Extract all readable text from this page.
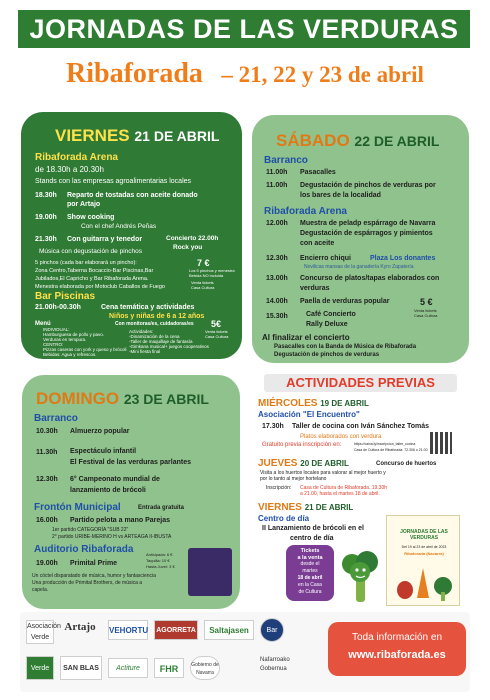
JORNADAS DE LAS VERDURAS
Ribaforada – 21, 22 y 23 de abril
VIERNES 21 DE ABRIL
Ribaforada Arena
de 18.30h a 20.30h
Stands con las empresas agroalimentarias locales
18.30h Reparto de tostadas con aceite donado
por Artajo
19.00h Show cooking
Con el chef Andrés Peñas
21.30h Con guitarra y tenedor	Concierto 22.00h
Rock you
Música con degustación de pinchos
5 pinchos (cada bar elaborará un pincho):
Zona Centro,Taberna Bocaccio-Bar Piscinas,Bar
Jubilados,El Capricho y Bar Ribaforada Arena.
Menestra elaborada por Motoclub Caballos de Fuego
7 €
Los 5 pinchos y menestra
Bebida NO incluida
Venta tickets
Casa Cultura
Bar Piscinas
21.00h-00.30h	Cena temática y actividades
Niños y niñas de 6 a 12 años
Menú
INDIVIDUAL:
Hamburguesa de pollo y pavo.
Verduras en tempura.
CENTRO:
Pizzas caseras con york y queso y brócoli
Bebidas: Agua y refrescos.
Con monitoras/es, cuidadoras/es
Actividades:
-Dinamización de la cena
-Taller de maquillaje de fantasía
-Gimkana musical+ juegos cooperativos
-Mini fiesta final
5€
Venta tickets
Casa Cultura
SÁBADO 22 DE ABRIL
Barranco
11.00h Pasacalles
11.00h Degustación de pinchos de verduras por
los bares de la localidad
Ribaforada Arena
12.00h Muestra de peladp espárrago de Navarra
Degustación de espárragos y pimientos
con aceite
12.30h Encierro chiqui	Plaza Los donantes
Novilicas mansas de la ganadería Kyro Zapatería
13.00h Concurso de platos/tapas elaborados con
verduras
14.00h Paella de verduras popular	5 €
Venta tickets
Casa Cultura
15.30h	Café Concierto
Rally Deluxe
Al finalizar el concierto
Pasacalles con la Banda de Música de Ribaforada
Degustación de pinchos de verduras
DOMINGO 23 DE ABRIL
Barranco
10.30h Almuerzo popular
11.30h Espectáculo infantil
El Festival de las verduras parlantes
12.30h 6° Campeonato mundial de
lanzamiento de brócoli
Frontón Municipal	Entrada gratuita
16.00h Partido pelota a mano Parejas
1er partido CATEGORÍA "SUB 22"
2° partido URIBE-MERINO H vs ARTEAGA II-IBUSTA
Auditorio Ribaforada
19.00h Primital Prime
Anticipada: 6 €
Taquilla: 10 €
Hasta Juvel: 3 €
Un cóctel disparatado de música, humor y fantasciencia
Una producción de Primital Brothers, de música a
capela.
ACTIVIDADES PREVIAS
MIÉRCOLES 19 DE ABRIL
Asociación "El Encuentro"
17.30h Taller de cocina con Iván Sánchez Tomás
Platos elaborados con verdura
Gratuito previa inscripción en:	https://caixa.ly/inscripcion_taller_cocina
Casa de Cultura de Ribaforada: 72.306 o 21.00
JUEVES 20 DE ABRIL	Concurso de huertos
Visita a los huertos locales para valorar al mejor huerto y
por lo tanto al mejor hortelano
Inscripción: Casa de Cultura de Ribaforada. 19.30h
a 21.00, hasta el martes 18 de abril.
VIERNES 21 DE ABRIL
Centro de día
II Lanzamiento de brócoli en el
centro de día
Tickets
a la venta
desde el
martes
18 de abril
en la Casa
de Cultura
JORNADAS DE LAS VERDURAS
Del 19 al 23 de abril de 2023
Ribaforada (Navarra)
Asociación Verde
Artajo	VEHORTU	AGORRETA	Saltajasen	Bar
Verde	SAN BLAS	Actiture	FHR	Gobierno de Navarra
Nafarroako Gobernua
Toda información en
www.ribaforada.es
